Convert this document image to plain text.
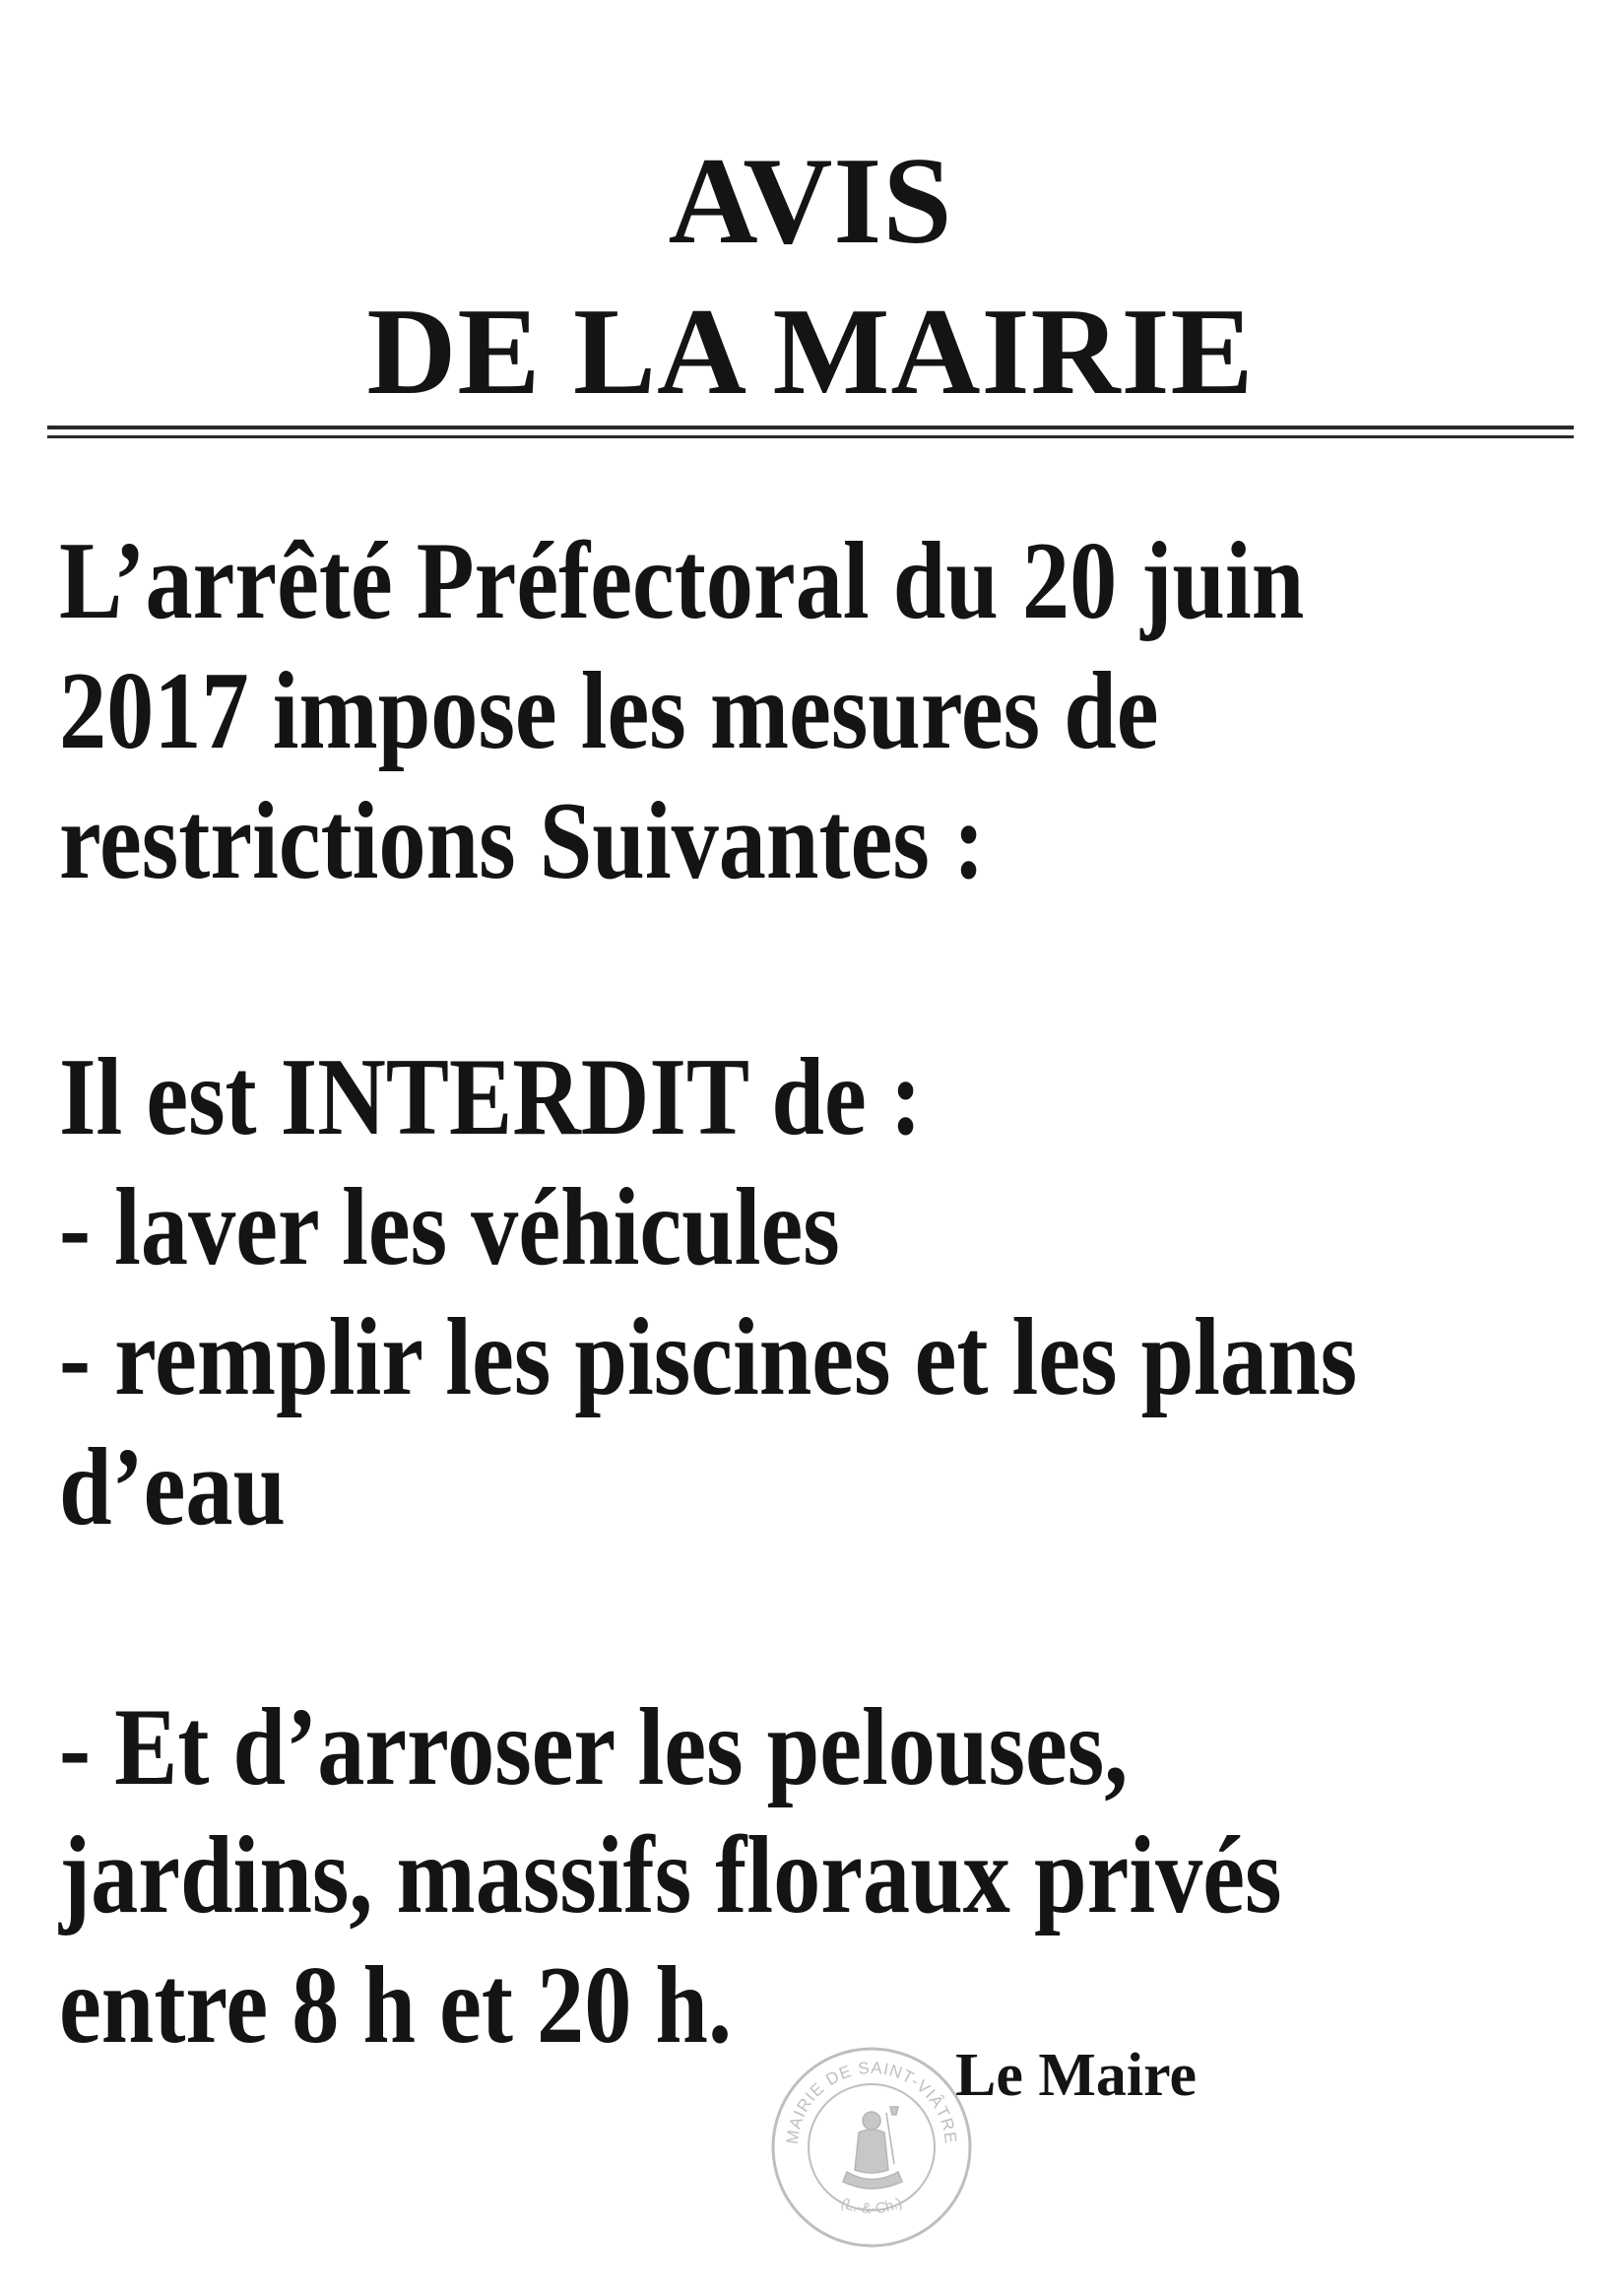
AVIS
DE LA MAIRIE
L’arrêté Préfectoral du 20 juin
2017 impose les mesures de
restrictions Suivantes :
Il est INTERDIT de :
- laver les véhicules
- remplir les piscines et les plans
d’eau
- Et d’arroser les pelouses,
jardins, massifs floraux privés
entre 8 h et 20 h.
MAIRIE DE SAINT-VIÂTRE
(L.-&-Ch.)
Le Maire
